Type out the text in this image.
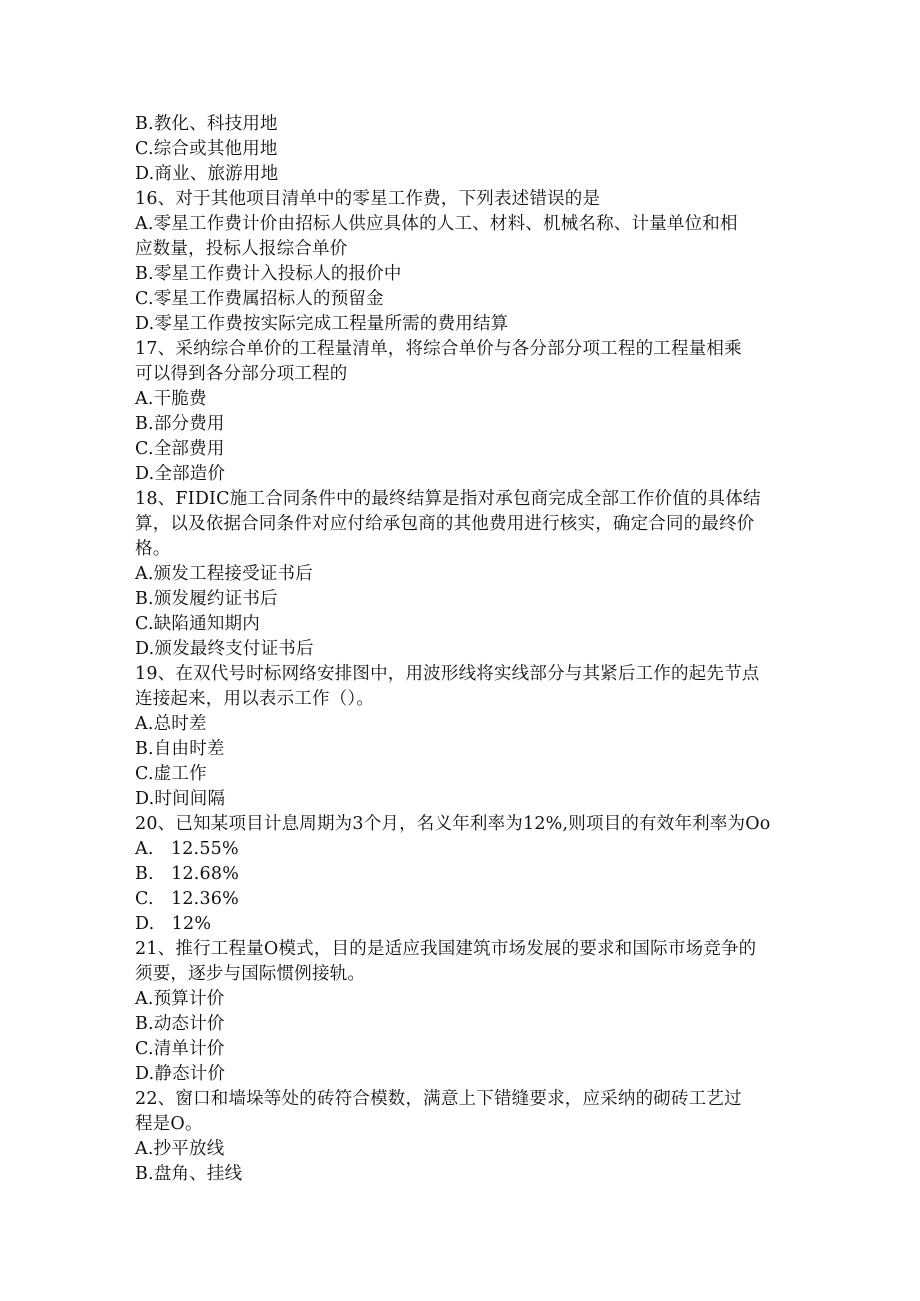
B.教化、科技用地
C.综合或其他用地
D.商业、旅游用地
16、对于其他项目清单中的零星工作费，下列表述错误的是
A.零星工作费计价由招标人供应具体的人工、材料、机械名称、计量单位和相
应数量，投标人报综合单价
B.零星工作费计入投标人的报价中
C.零星工作费属招标人的预留金
D.零星工作费按实际完成工程量所需的费用结算
17、采纳综合单价的工程量清单，将综合单价与各分部分项工程的工程量相乘
可以得到各分部分项工程的
A.干脆费
B.部分费用
C.全部费用
D.全部造价
18、FIDIC施工合同条件中的最终结算是指对承包商完成全部工作价值的具体结
算，以及依据合同条件对应付给承包商的其他费用进行核实，确定合同的最终价
格。
A.颁发工程接受证书后
B.颁发履约证书后
C.缺陷通知期内
D.颁发最终支付证书后
19、在双代号时标网络安排图中，用波形线将实线部分与其紧后工作的起先节点
连接起来，用以表示工作（）。
A.总时差
B.自由时差
C.虚工作
D.时间间隔
20、已知某项目计息周期为3个月，名义年利率为12%,则项目的有效年利率为Oo
A.   12.55%
B.   12.68%
C.   12.36%
D.   12%
21、推行工程量O模式，目的是适应我国建筑市场发展的要求和国际市场竞争的
须要，逐步与国际惯例接轨。
A.预算计价
B.动态计价
C.清单计价
D.静态计价
22、窗口和墙垛等处的砖符合模数，满意上下错缝要求，应采纳的砌砖工艺过
程是O。
A.抄平放线
B.盘角、挂线
